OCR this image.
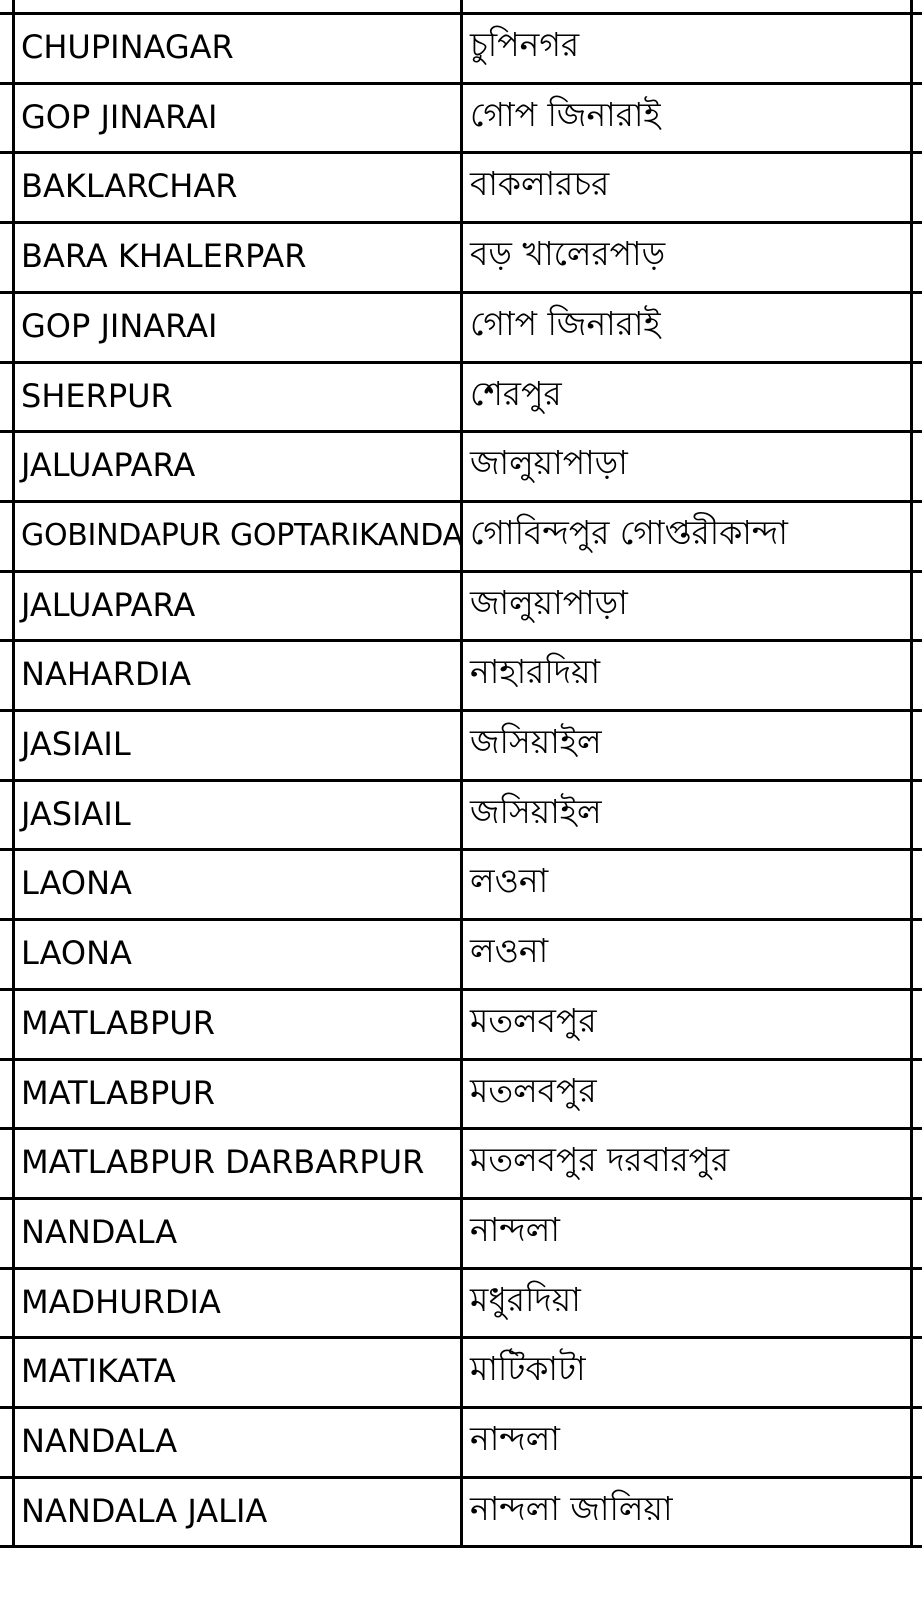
CHUPINAGAR	চুপিনগর
GOP JINARAI	গোপ জিনারাই
BAKLARCHAR	বাকলারচর
BARA KHALERPAR	বড় খালেরপাড়
GOP JINARAI	গোপ জিনারাই
SHERPUR	শেরপুর
JALUAPARA	জালুয়াপাড়া
GOBINDAPUR GOPTARIKANDA গোবিন্দপুর গোপ্তরীকান্দা
JALUAPARA	জালুয়াপাড়া
NAHARDIA	নাহারদিয়া
JASIAIL	জসিয়াইল
JASIAIL	জসিয়াইল
LAONA	লওনা
LAONA	লওনা
MATLABPUR	মতলবপুর
MATLABPUR	মতলবপুর
MATLABPUR DARBARPUR মতলবপুর দরবারপুর
NANDALA	নান্দলা
MADHURDIA	মধুরদিয়া
MATIKATA	মাটিকাটা
NANDALA	নান্দলা
NANDALA JALIA	নান্দলা জালিয়া
